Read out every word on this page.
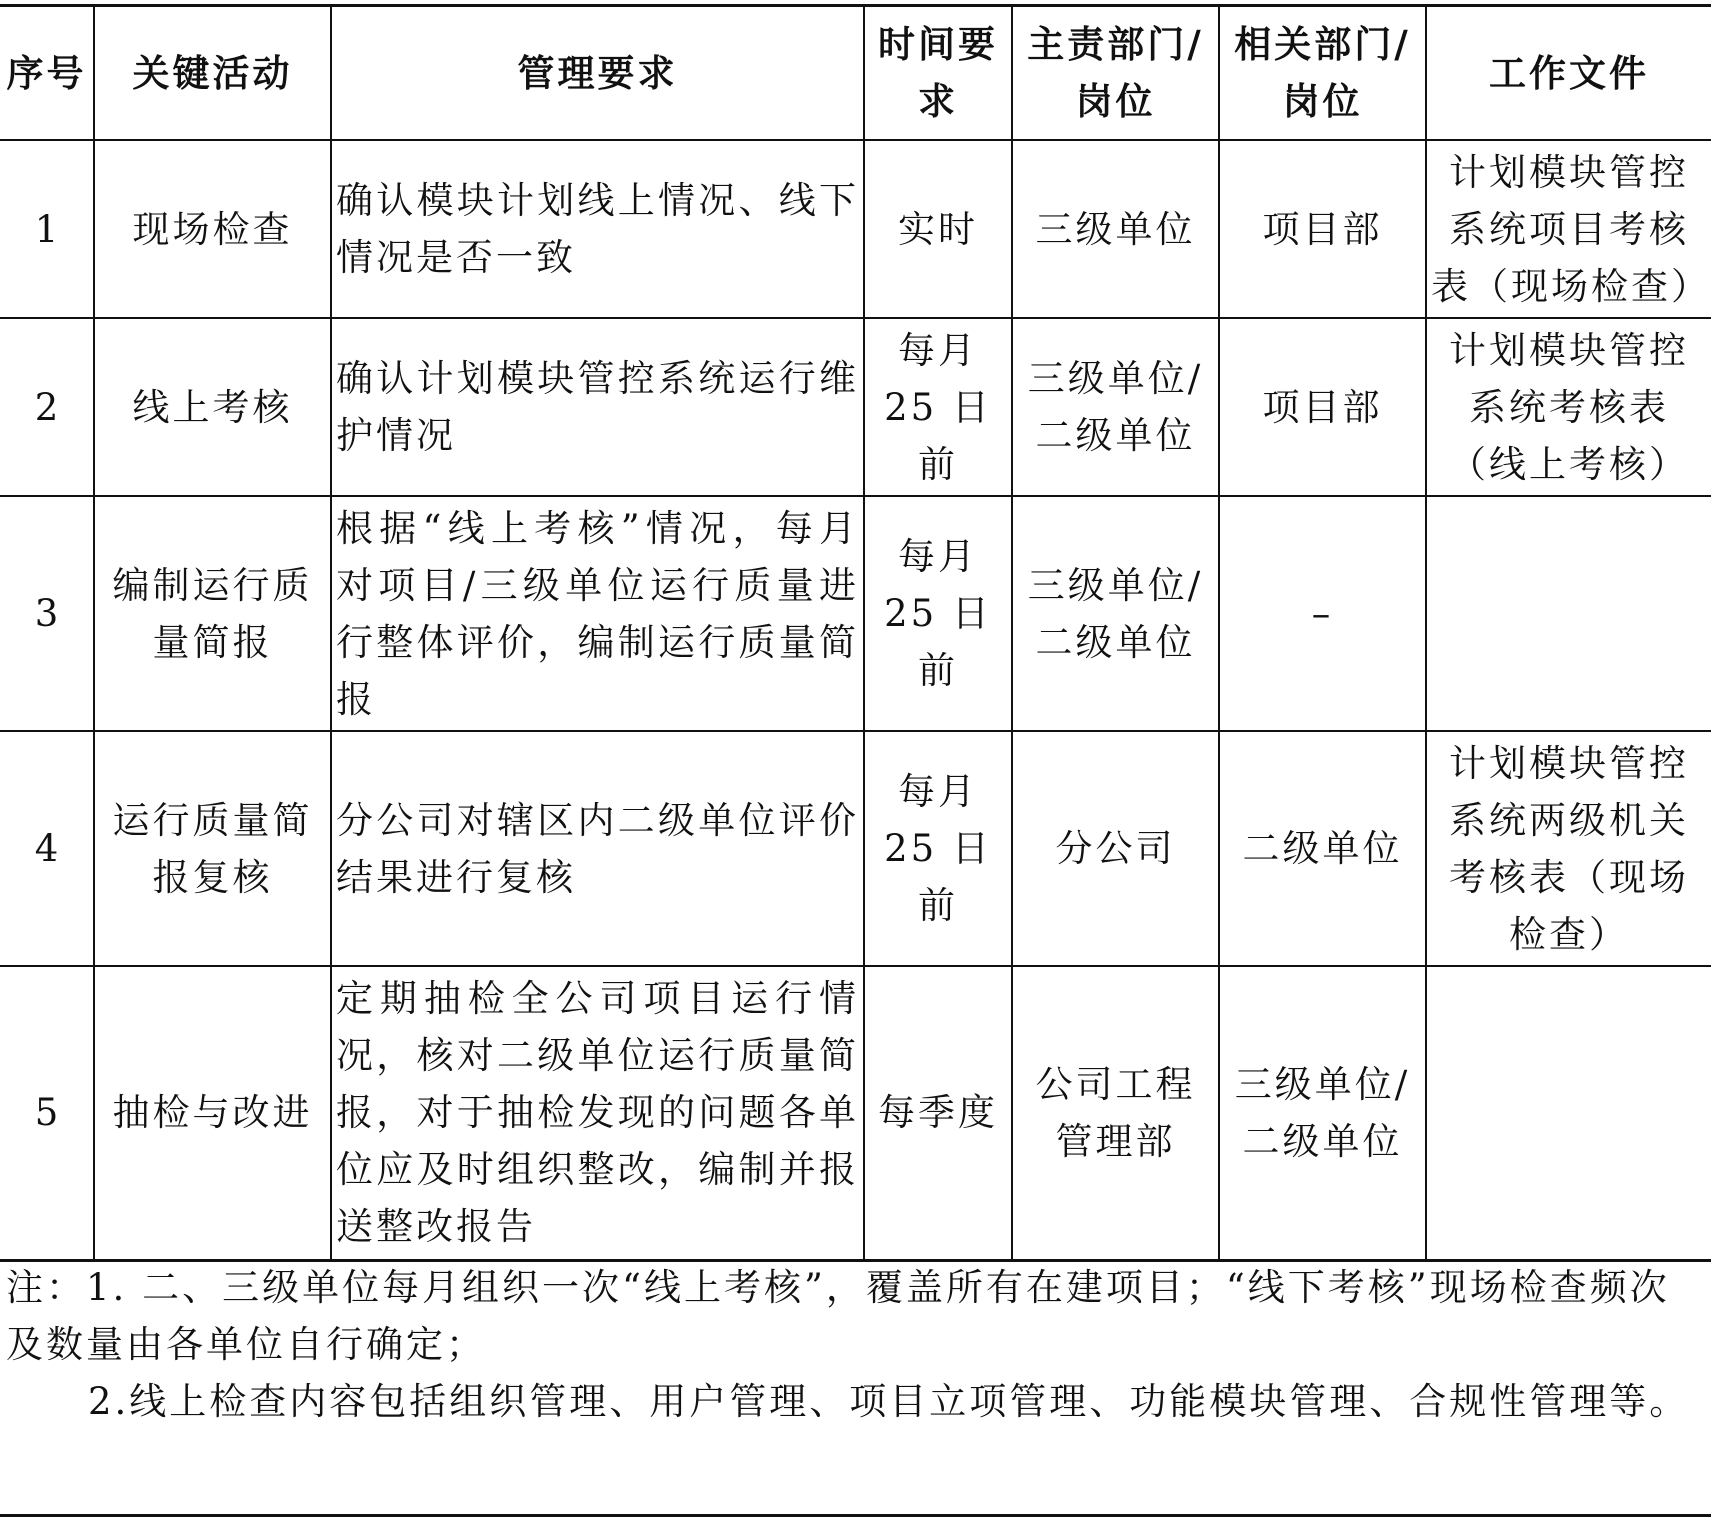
序号	关键活动	管理要求	时间要求	主责部门/岗位	相关部门/岗位	工作文件
1	现场检查	确认模块计划线上情况、线下情况是否一致	实时	三级单位	项目部	计划模块管控系统项目考核表（现场检查）
2	线上考核	确认计划模块管控系统运行维护情况	每月 25 日前	三级单位/二级单位	项目部	计划模块管控系统考核表（线上考核）
3	编制运行质量简报	根据“线上考核”情况，每月对项目/三级单位运行质量进行整体评价，编制运行质量简报	每月 25 日前	三级单位/二级单位	–	
4	运行质量简报复核	分公司对辖区内二级单位评价结果进行复核	每月 25 日前	分公司	二级单位	计划模块管控系统两级机关考核表（现场检查）
5	抽检与改进	定期抽检全公司项目运行情况，核对二级单位运行质量简报，对于抽检发现的问题各单位应及时组织整改，编制并报送整改报告	每季度	公司工程管理部	三级单位/二级单位	

注：1. 二、三级单位每月组织一次“线上考核”，覆盖所有在建项目；“线下考核”现场检查频次及数量由各单位自行确定；

2.线上检查内容包括组织管理、用户管理、项目立项管理、功能模块管理、合规性管理等。
